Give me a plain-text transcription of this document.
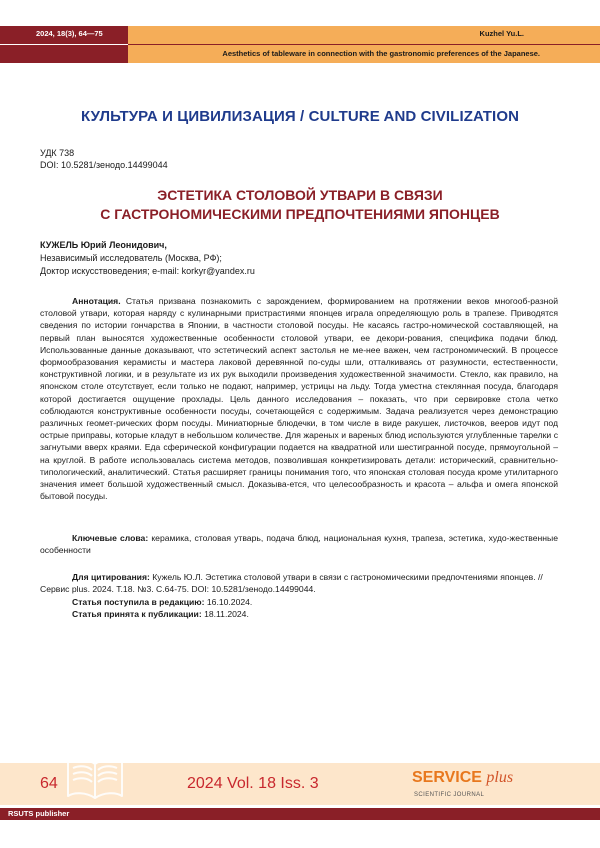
2024, 18(3), 64—75	Kuzhel Yu.L.
Aesthetics of tableware in connection with the gastronomic preferences of the Japanese.
КУЛЬТУРА И ЦИВИЛИЗАЦИЯ / CULTURE AND CIVILIZATION
УДК 738
DOI: 10.5281/зенодо.14499044
ЭСТЕТИКА СТОЛОВОЙ УТВАРИ В СВЯЗИ
С ГАСТРОНОМИЧЕСКИМИ ПРЕДПОЧТЕНИЯМИ ЯПОНЦЕВ
КУЖЕЛЬ Юрий Леонидович,
Независимый исследователь (Москва, РФ);
Доктор искусствоведения; e-mail: korkyr@yandex.ru

Аннотация. Статья призвана познакомить с зарождением, формированием на протяжении веков многооб-разной столовой утвари, которая наряду с кулинарными пристрастиями японцев играла определяющую роль в трапезе. Приводятся сведения по истории гончарства в Японии, в частности столовой посуды. Не касаясь гастро-номической составляющей, на первый план выносятся художественные особенности столовой утвари, ее декори-рования, специфика подачи блюд. Использованные данные доказывают, что эстетический аспект застолья не ме-нее важен, чем гастрономический. В процессе формообразования керамисты и мастера лаковой деревянной по-суды шли, отталкиваясь от разумности, естественности, конструктивной логики, и в результате из их рук выходили произведения художественной значимости. Стекло, как правило, на японском столе отсутствует, если только не подают, например, устрицы на льду. Тогда уместна стеклянная посуда, благодаря которой достигается ощущение прохлады. Цель данного исследования – показать, что при сервировке стола четко соблюдаются конструктивные особенности посуды, сочетающейся с содержимым. Задача реализуется через демонстрацию различных геомет-рических форм посуды. Миниатюрные блюдечки, в том числе в виде ракушек, листочков, вееров идут под острые приправы, которые кладут в небольшом количестве. Для жареных и вареных блюд используются углубленные тарелки с загнутыми вверх краями. Еда сферической конфигурации подается на квадратной или шестигранной посуде, прямоугольной – на круглой. В работе использовалась система методов, позволившая конкретизировать детали: исторический, сравнительно-типологический, аналитический. Статья расширяет границы понимания того, что японская столовая посуда кроме утилитарного значения имеет большой художественный смысл. Доказыва-ется, что целесообразность и красота – альфа и омега японской бытовой посуды.

Ключевые слова: керамика, столовая утварь, подача блюд, национальная кухня, трапеза, эстетика, худо-жественные особенности

Для цитирования: Кужель Ю.Л. Эстетика столовой утвари в связи с гастрономическими предпочтениями японцев. // Сервис plus. 2024. Т.18. №3. С.64-75. DOI: 10.5281/зенодо.14499044.

Статья поступила в редакцию: 16.10.2024.
Статья принята к публикации: 18.11.2024.
64	2024 Vol. 18 Iss. 3	SERVICE plus
SCIENTIFIC JOURNAL
RSUTS publisher
